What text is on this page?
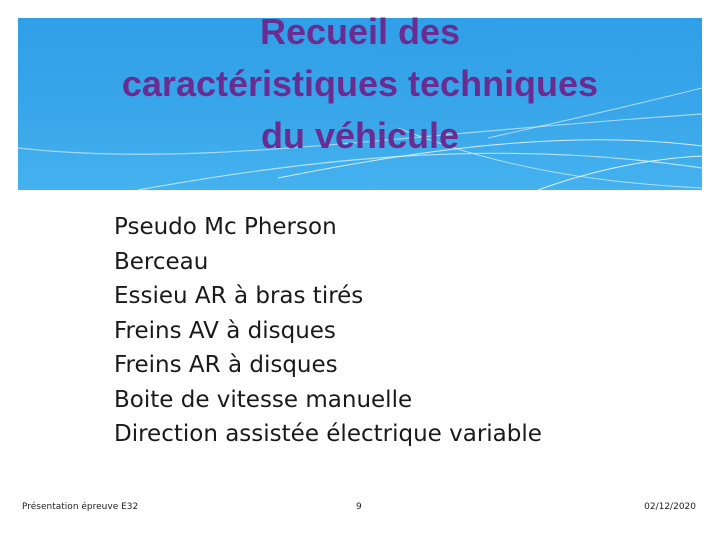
Recueil des
caractéristiques techniques
du véhicule
Pseudo Mc Pherson
Berceau
Essieu AR à bras tirés
Freins AV à disques
Freins AR à disques
Boite de vitesse manuelle
Direction assistée électrique variable
Présentation épreuve E32	9	02/12/2020
